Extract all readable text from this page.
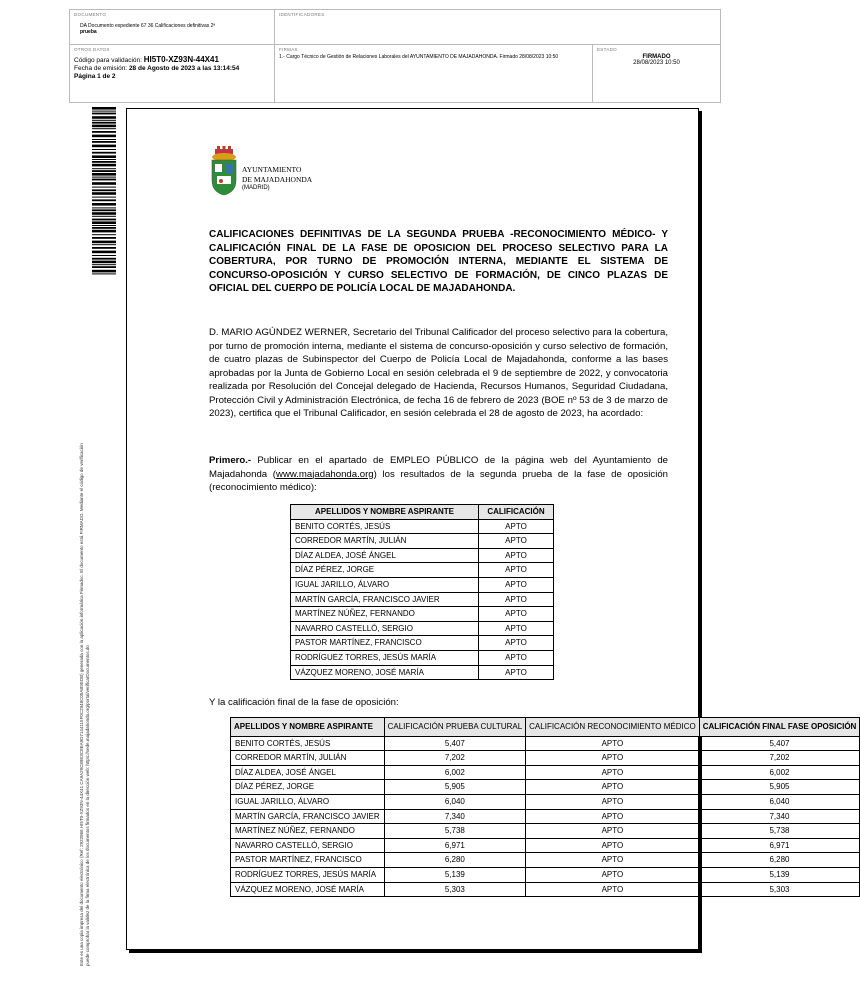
DOCUMENTO
DA Documento expediente 67 36 Calificaciones definitivas 2ª
prueba
IDENTIFICADORES
OTROS DATOS
Código para validación: HI5T0-XZ93N-44X41
Fecha de emisión: 28 de Agosto de 2023 a las 13:14:54
Página 1 de 2
FIRMAS
1.- Cargo Técnico de Gestión de Relaciones Laborales del AYUNTAMIENTO DE MAJADAHONDA. Firmado 28/08/2023 10:50
ESTADO
FIRMADO
28/08/2023 10:50
Este es una copia impresa del documento electrónico (Ref: 2922866 HI5T0-XZ93N-44X41 CA9A29C89E3C8EA9D7144115F0C2948C05AB9EDB) generada con la aplicación informática Firmadoc. El documento está FIRMADO. Mediante el código de verificación puede comprobar la validez de la firma electrónica de los documentos firmados en la dirección web: https://sede.majadahonda.org/portal/verificarDocumentos.do
AYUNTAMIENTO
DE MAJADAHONDA
(MADRID)
CALIFICACIONES DEFINITIVAS DE LA SEGUNDA PRUEBA -RECONOCIMIENTO MÉDICO- Y CALIFICACIÓN FINAL DE LA FASE DE OPOSICION DEL PROCESO SELECTIVO PARA LA COBERTURA, POR TURNO DE PROMOCIÓN INTERNA, MEDIANTE EL SISTEMA DE CONCURSO-OPOSICIÓN Y CURSO SELECTIVO DE FORMACIÓN, DE CINCO PLAZAS DE OFICIAL DEL CUERPO DE POLICÍA LOCAL DE MAJADAHONDA.
D. MARIO AGÚNDEZ WERNER, Secretario del Tribunal Calificador del proceso selectivo para la cobertura, por turno de promoción interna, mediante el sistema de concurso-oposición y curso selectivo de formación, de cuatro plazas de Subinspector del Cuerpo de Policía Local de Majadahonda, conforme a las bases aprobadas por la Junta de Gobierno Local en sesión celebrada el 9 de septiembre de 2022, y convocatoria realizada por Resolución del Concejal delegado de Hacienda, Recursos Humanos, Seguridad Ciudadana, Protección Civil y Administración Electrónica, de fecha 16 de febrero de 2023 (BOE nº 53 de 3 de marzo de 2023), certifica que el Tribunal Calificador, en sesión celebrada el 28 de agosto de 2023, ha acordado:
Primero.- Publicar en el apartado de EMPLEO PÚBLICO de la página web del Ayuntamiento de Majadahonda (www.majadahonda.org) los resultados de la segunda prueba de la fase de oposición (reconocimiento médico):
APELLIDOS Y NOMBRE ASPIRANTE	CALIFICACIÓN
BENITO CORTÉS, JESÚS	APTO
CORREDOR MARTÍN, JULIÁN	APTO
DÍAZ ALDEA, JOSÉ ÁNGEL	APTO
DÍAZ PÉREZ, JORGE	APTO
IGUAL JARILLO, ÁLVARO	APTO
MARTÍN GARCÍA, FRANCISCO JAVIER	APTO
MARTÍNEZ NÚÑEZ, FERNANDO	APTO
NAVARRO CASTELLÓ, SERGIO	APTO
PASTOR MARTÍNEZ, FRANCISCO	APTO
RODRÍGUEZ TORRES, JESÚS MARÍA	APTO
VÁZQUEZ MORENO, JOSÉ MARÍA	APTO
Y la calificación final de la fase de oposición:
APELLIDOS Y NOMBRE ASPIRANTE	CALIFICACIÓN PRUEBA CULTURAL	CALIFICACIÓN RECONOCIMIENTO MÉDICO	CALIFICACIÓN FINAL FASE OPOSICIÓN
BENITO CORTÉS, JESÚS	5,407	APTO	5,407
CORREDOR MARTÍN, JULIÁN	7,202	APTO	7,202
DÍAZ ALDEA, JOSÉ ÁNGEL	6,002	APTO	6,002
DÍAZ PÉREZ, JORGE	5,905	APTO	5,905
IGUAL JARILLO, ÁLVARO	6,040	APTO	6,040
MARTÍN GARCÍA, FRANCISCO JAVIER	7,340	APTO	7,340
MARTÍNEZ NÚÑEZ, FERNANDO	5,738	APTO	5,738
NAVARRO CASTELLÓ, SERGIO	6,971	APTO	6,971
PASTOR MARTÍNEZ, FRANCISCO	6,280	APTO	6,280
RODRÍGUEZ TORRES, JESÚS MARÍA	5,139	APTO	5,139
VÁZQUEZ MORENO, JOSÉ MARÍA	5,303	APTO	5,303
